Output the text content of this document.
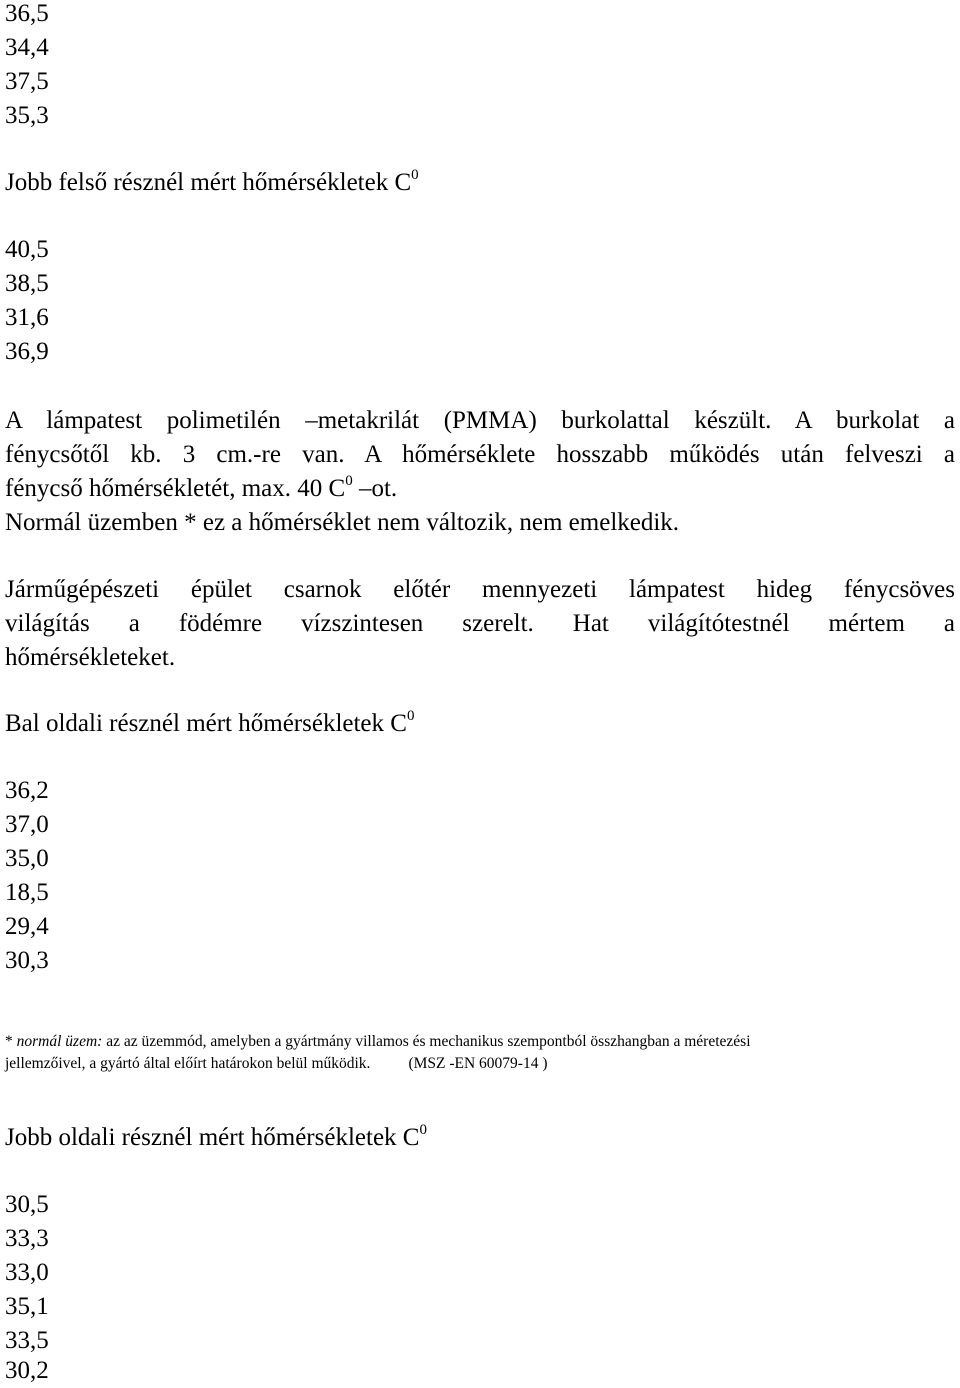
36,5
34,4
37,5
35,3
Jobb felső résznél mért hőmérsékletek $C^0$
40,5
38,5
31,6
36,9
A lámpatest polimetilén –metakrilát (PMMA) burkolattal készült. A burkolat a
fénycsőtől kb. 3 cm.-re van. A hőmérséklete hosszabb működés után felveszi a
fénycső hőmérsékletét, max. 40 $C^0$ –ot.
Normál üzemben * ez a hőmérséklet nem változik, nem emelkedik.
Járműgépészeti épület csarnok előtér mennyezeti lámpatest hideg fénycsöves
világítás a födémre vízszintesen szerelt. Hat világítótestnél mértem a
hőmérsékleteket.
Bal oldali résznél mért hőmérsékletek $C^0$
36,2
37,0
35,0
18,5
29,4
30,3
* normál üzem: az az üzemmód, amelyben a gyártmány villamos és mechanikus szempontból összhangban a méretezési
jellemzőivel, a gyártó által előírt határokon belül működik. (MSZ -EN 60079-14 )
Jobb oldali résznél mért hőmérsékletek $C^0$
30,5
33,3
33,0
35,1
33,5
30,2
